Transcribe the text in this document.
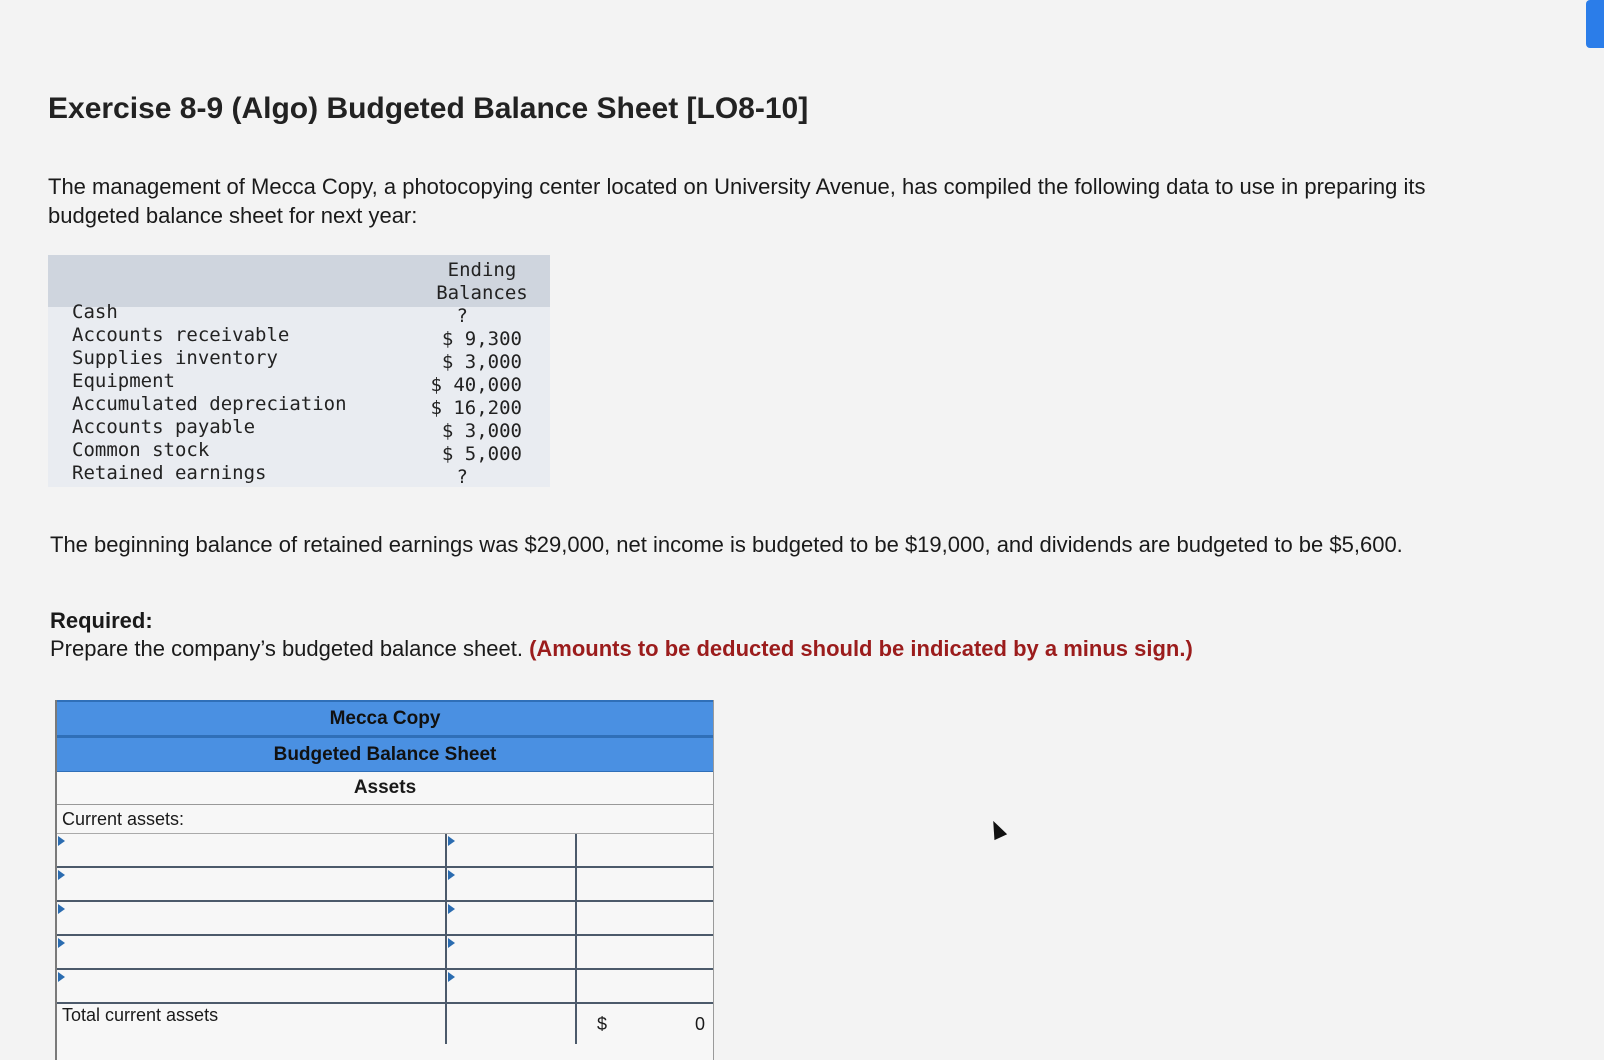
Exercise 8-9 (Algo) Budgeted Balance Sheet [LO8-10]

The management of Mecca Copy, a photocopying center located on University Avenue, has compiled the following data to use in preparing its budgeted balance sheet for next year:

Ending
Balances
Cash
Accounts receivable
Supplies inventory
Equipment
Accumulated depreciation
Accounts payable
Common stock
Retained earnings
?
$ 9,300
$ 3,000
$ 40,000
$ 16,200
$ 3,000
$ 5,000
?

The beginning balance of retained earnings was $29,000, net income is budgeted to be $19,000, and dividends are budgeted to be $5,600.

Required:

Prepare the company’s budgeted balance sheet. (Amounts to be deducted should be indicated by a minus sign.)

Mecca Copy
Budgeted Balance Sheet
Assets
Current assets:
Total current assets	$	0
